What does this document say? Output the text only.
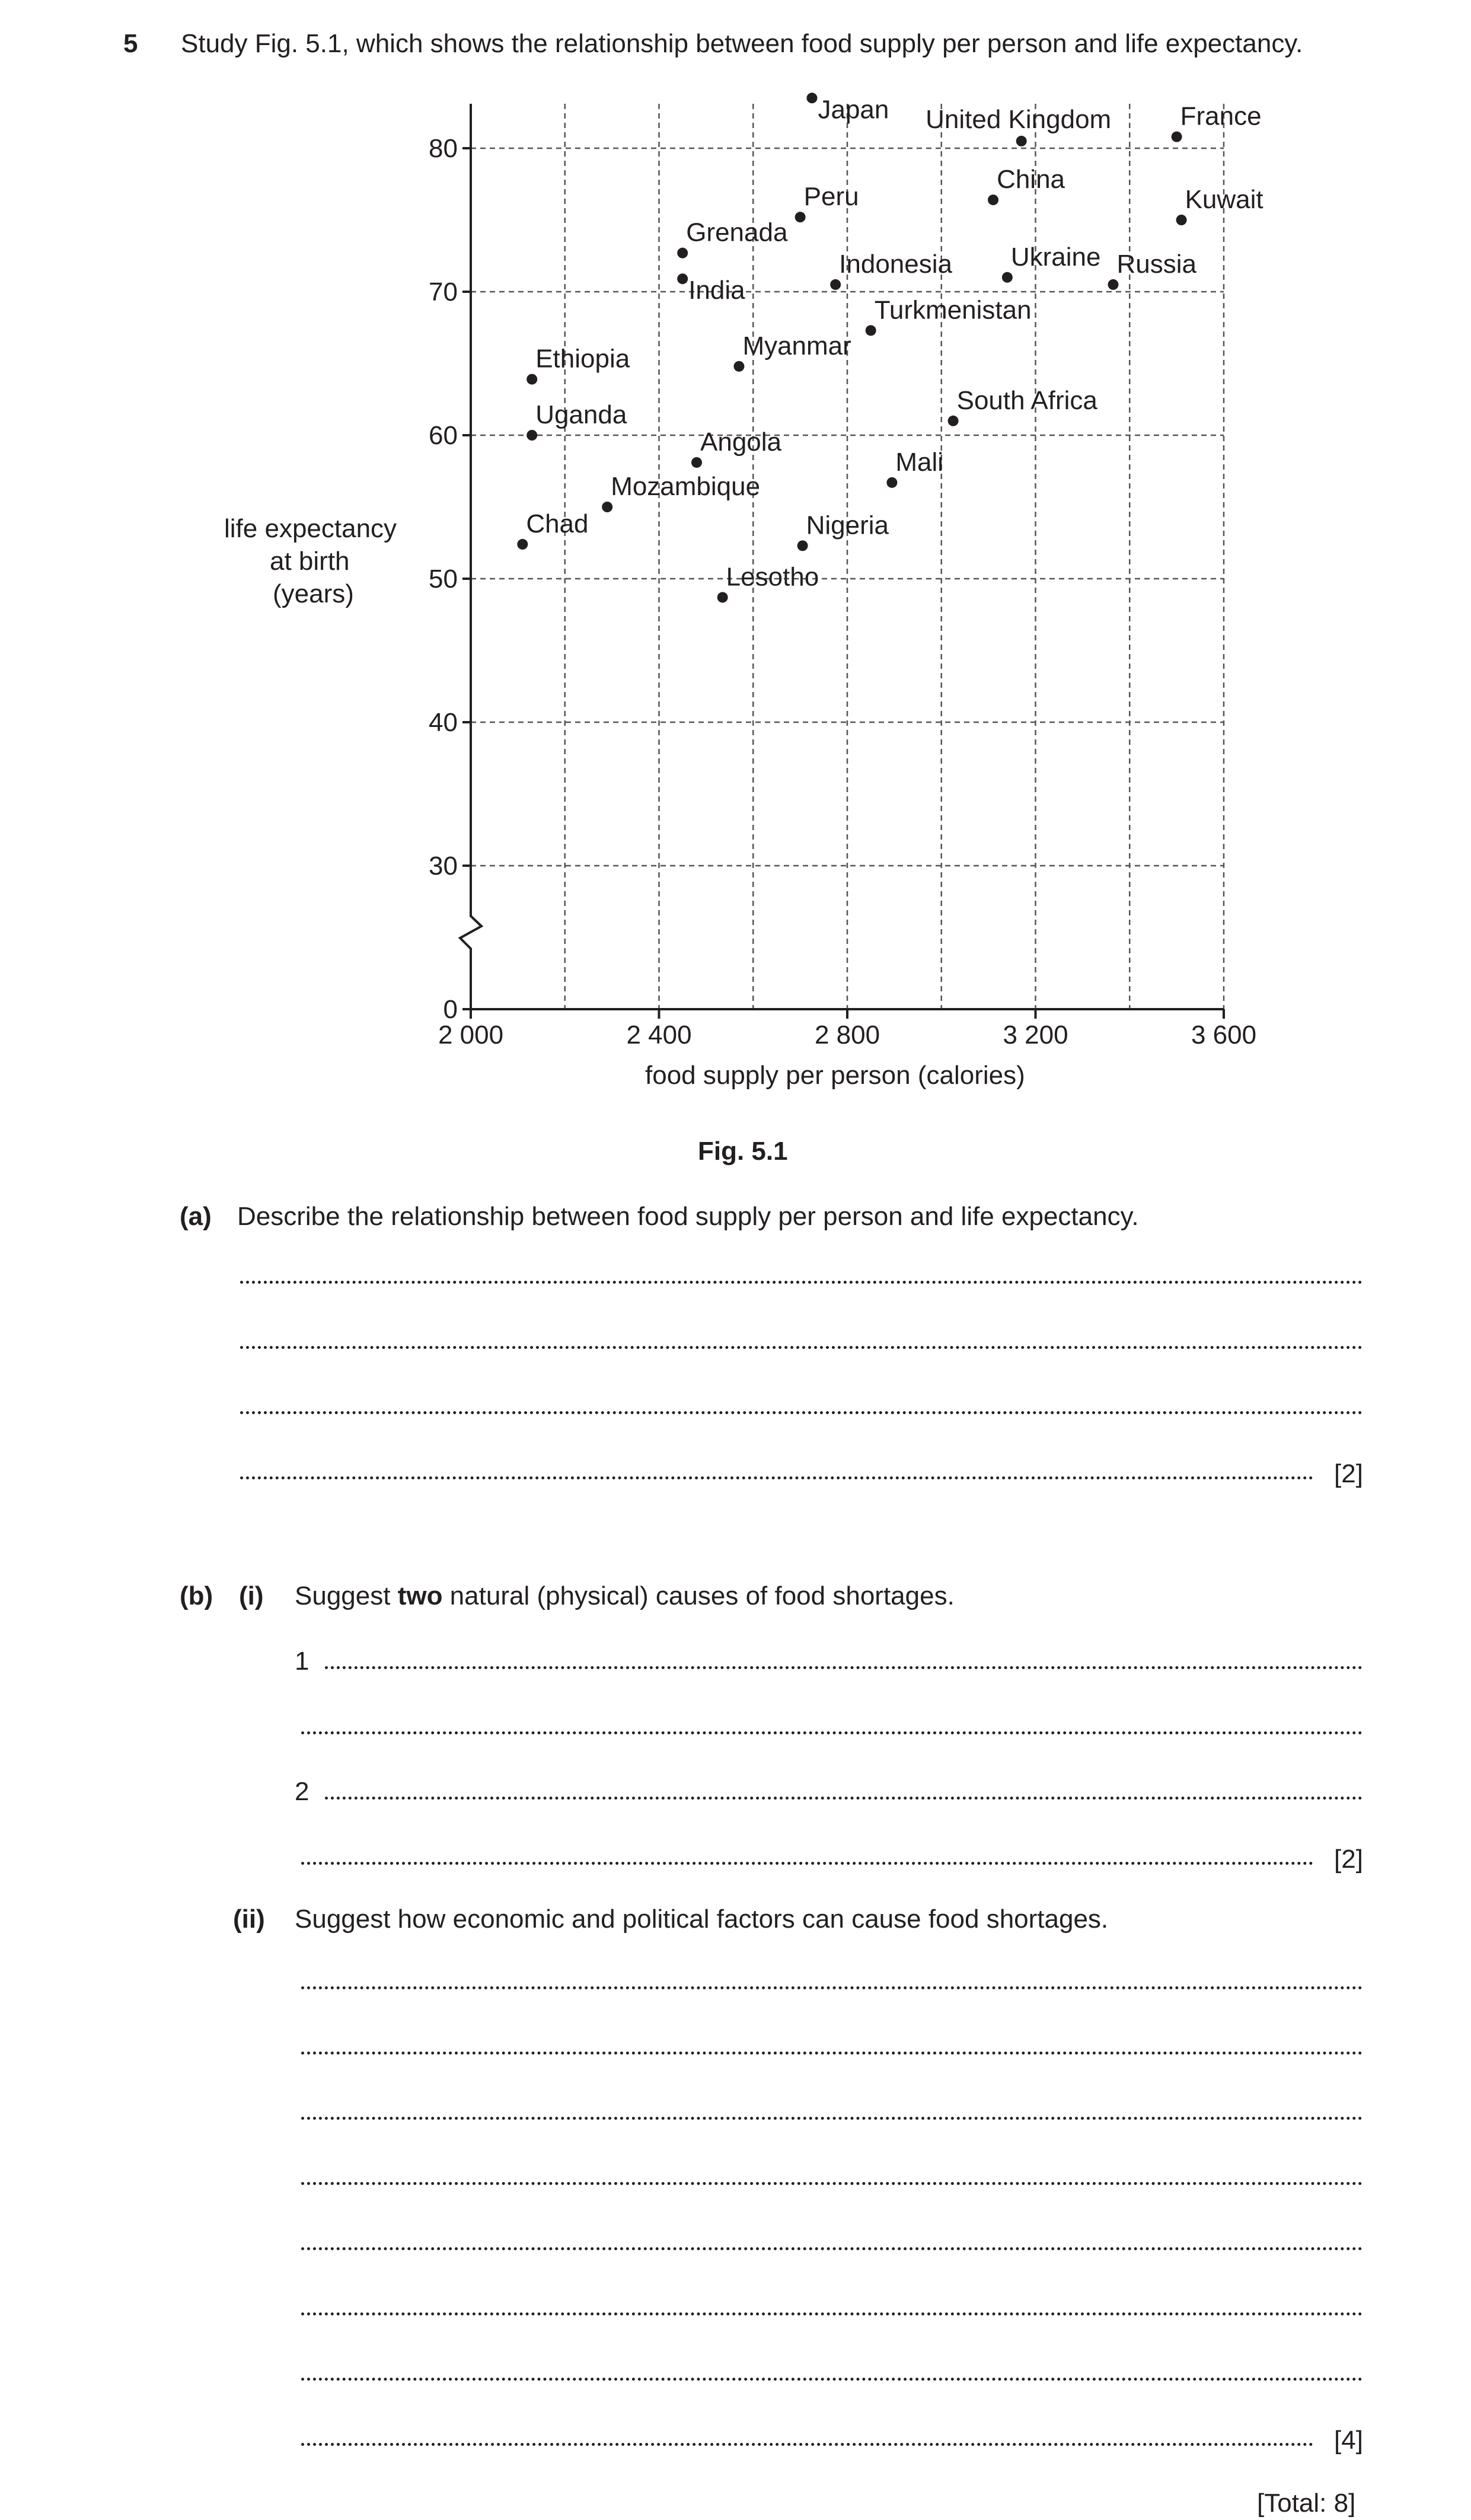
5 Study Fig. 5.1, which shows the relationship between food supply per person and life expectancy.
0
30
40
50
60
70
80
2 000	2 400	2 800	3 200	3 600
Japan United Kingdom	France
China
Kuwait
Peru
Grenada
India
Indonesia Ukraine Russia
Turkmenistan
Myanmar
Ethiopia
South Africa
Uganda
Angola
Mali
Mozambique
Chad	Nigeria
Lesotho
life expectancy
at birth
(years)
food supply per person (calories)
Fig. 5.1
(a) Describe the relationship between food supply per person and life expectancy.
[2]
(b) (i) Suggest two natural (physical) causes of food shortages.
1
2
[2]
(ii) Suggest how economic and political factors can cause food shortages.
[4]
[Total: 8]
